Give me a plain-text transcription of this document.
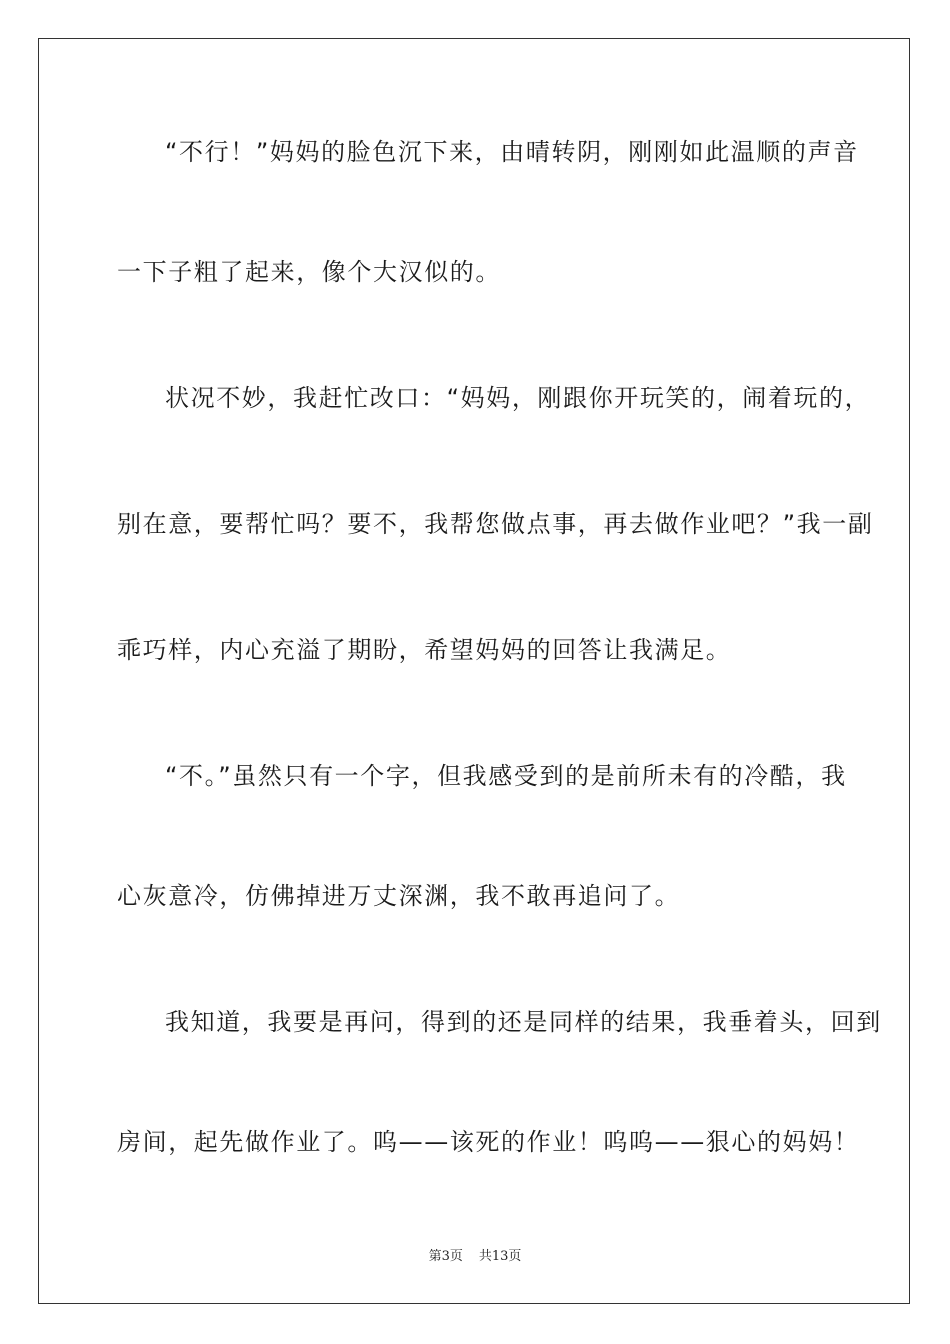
“不行！”妈妈的脸色沉下来，由晴转阴，刚刚如此温顺的声音
一下子粗了起来，像个大汉似的。
状况不妙，我赶忙改口：“妈妈，刚跟你开玩笑的，闹着玩的，
别在意，要帮忙吗？要不，我帮您做点事，再去做作业吧？”我一副
乖巧样，内心充溢了期盼，希望妈妈的回答让我满足。
“不。”虽然只有一个字，但我感受到的是前所未有的冷酷，我
心灰意冷，仿佛掉进万丈深渊，我不敢再追问了。
我知道，我要是再问，得到的还是同样的结果，我垂着头，回到
房间，起先做作业了。呜——该死的作业！呜呜——狠心的妈妈！
第3页 共13页
